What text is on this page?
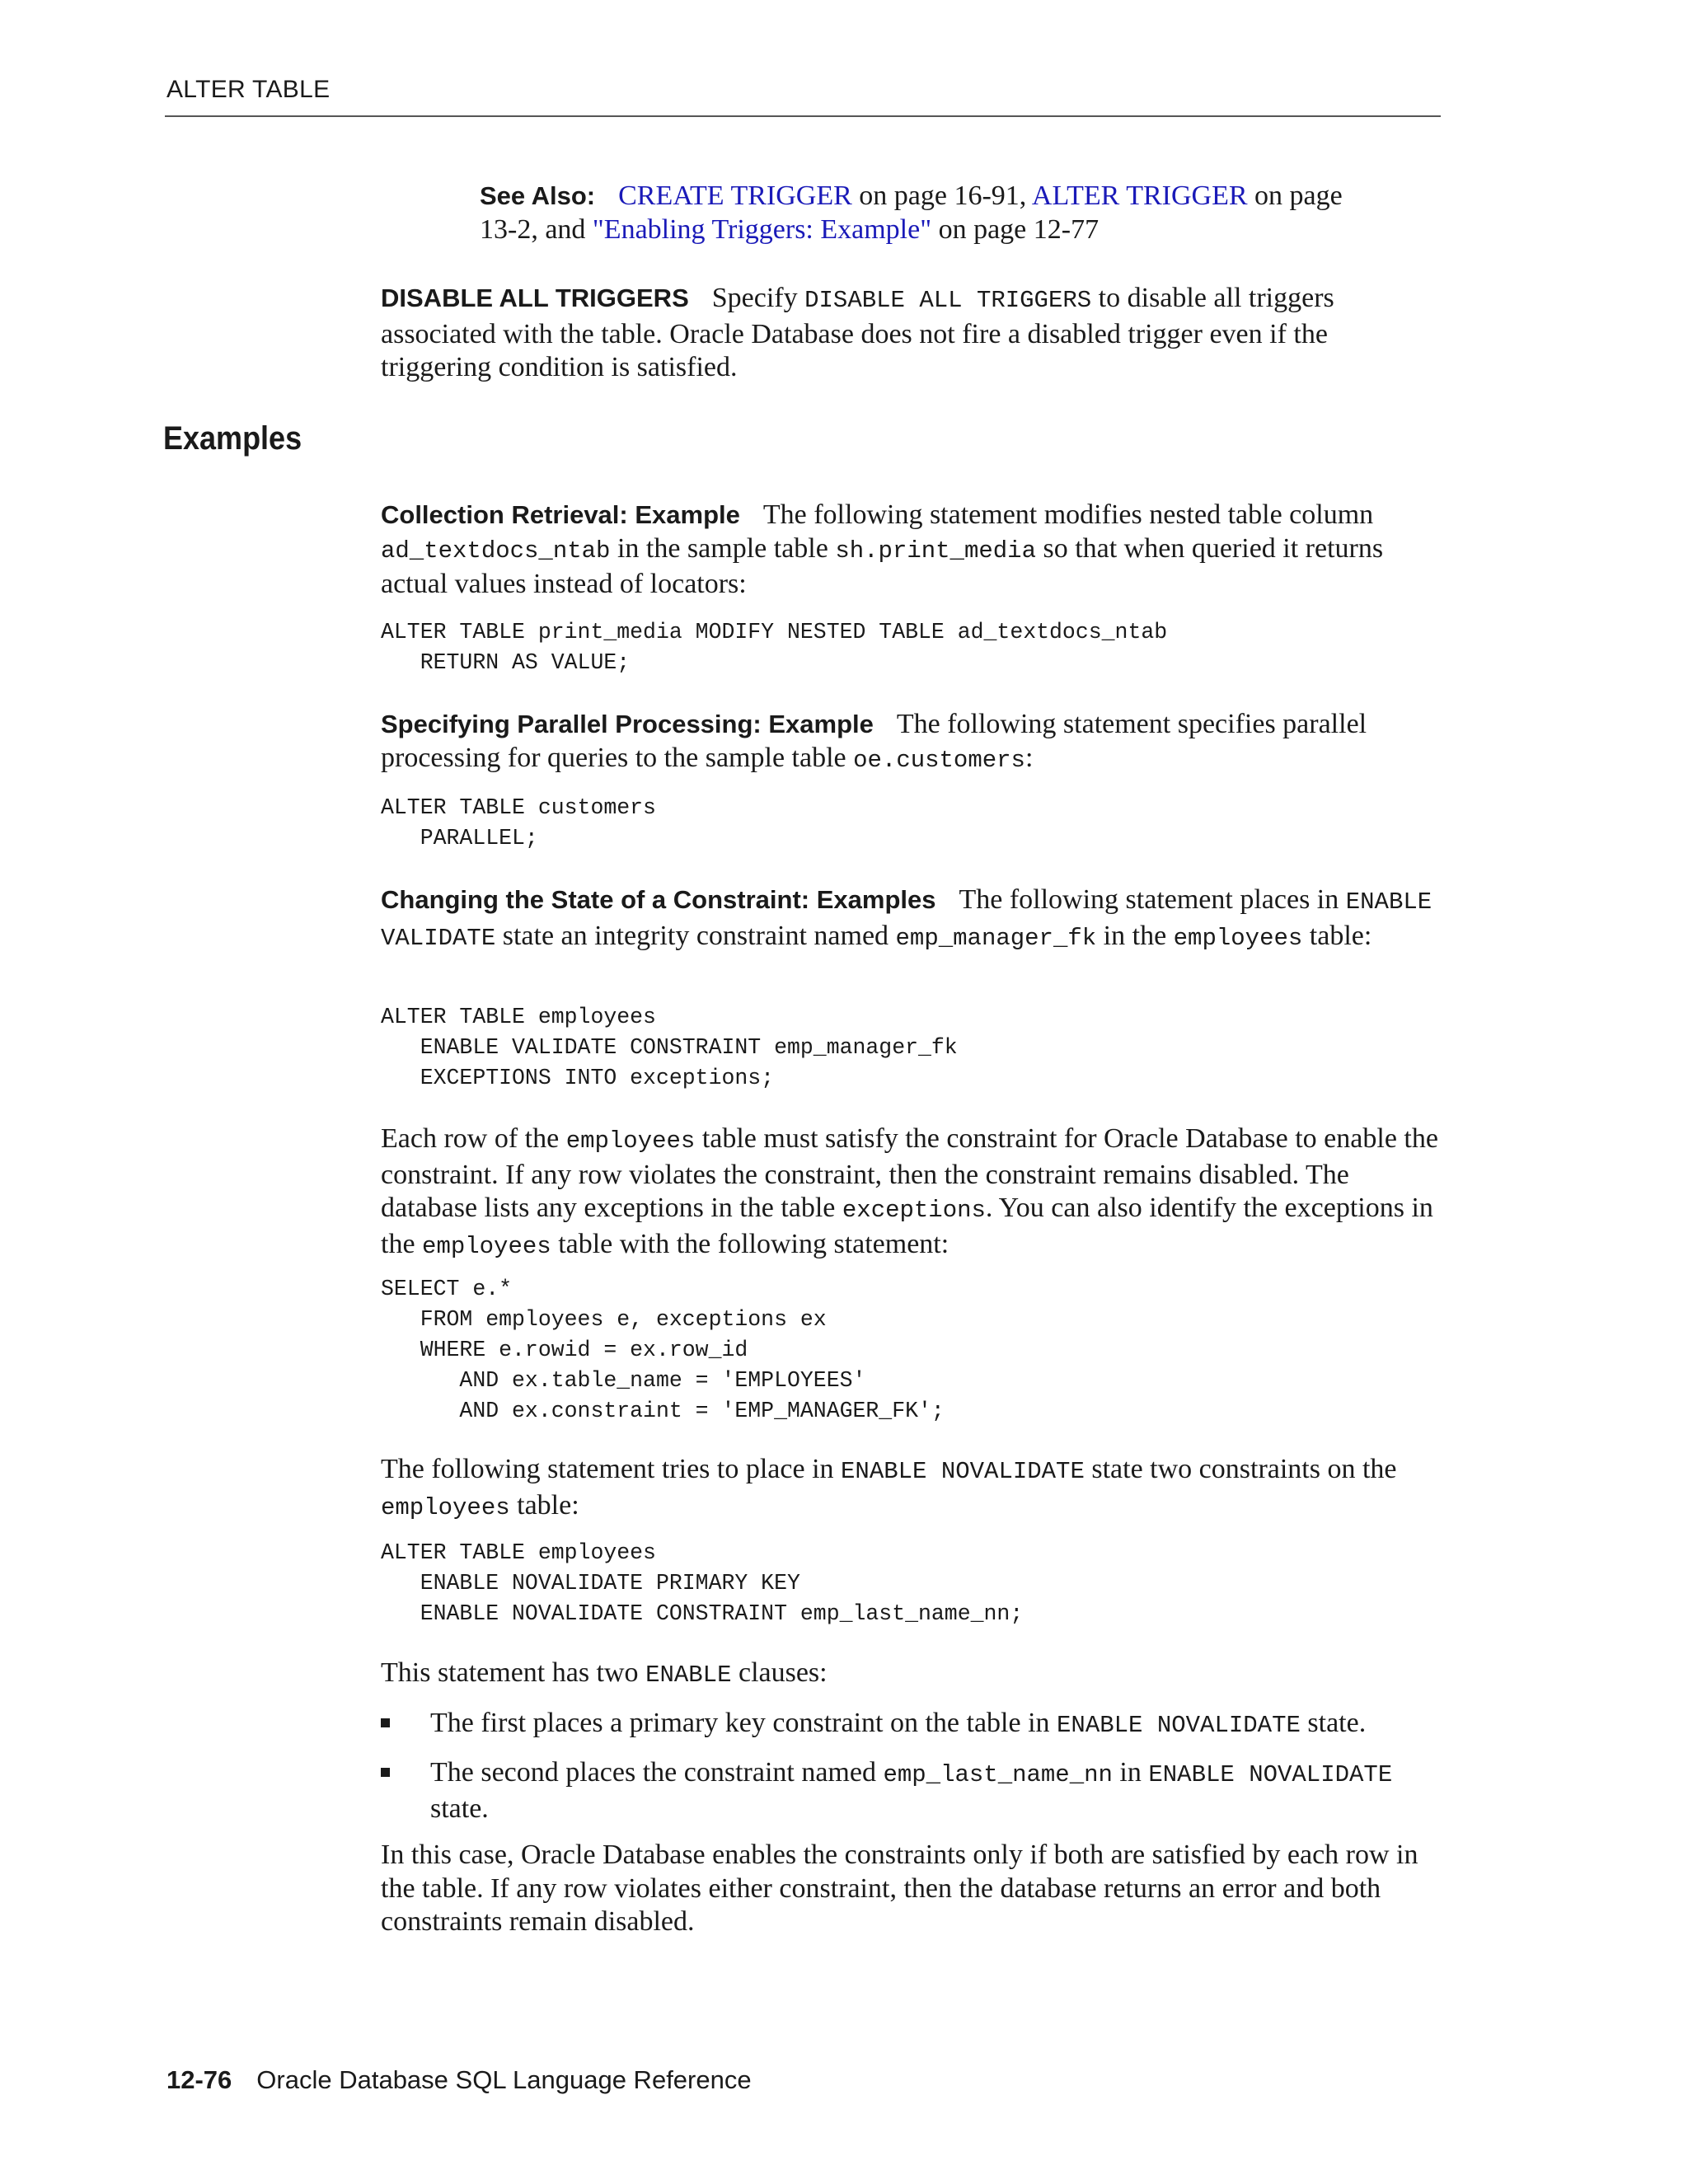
ALTER TABLE

See Also: CREATE TRIGGER on page 16-91, ALTER TRIGGER on page 13-2, and "Enabling Triggers: Example" on page 12-77

DISABLE ALL TRIGGERS Specify DISABLE ALL TRIGGERS to disable all triggers associated with the table. Oracle Database does not fire a disabled trigger even if the triggering condition is satisfied.

Examples

Collection Retrieval: Example The following statement modifies nested table column ad_textdocs_ntab in the sample table sh.print_media so that when queried it returns actual values instead of locators:

ALTER TABLE print_media MODIFY NESTED TABLE ad_textdocs_ntab
RETURN AS VALUE;

Specifying Parallel Processing: Example The following statement specifies parallel processing for queries to the sample table oe.customers:

ALTER TABLE customers
PARALLEL;

Changing the State of a Constraint: Examples The following statement places in ENABLE VALIDATE state an integrity constraint named emp_manager_fk in the employees table:

ALTER TABLE employees
ENABLE VALIDATE CONSTRAINT emp_manager_fk
EXCEPTIONS INTO exceptions;

Each row of the employees table must satisfy the constraint for Oracle Database to enable the constraint. If any row violates the constraint, then the constraint remains disabled. The database lists any exceptions in the table exceptions. You can also identify the exceptions in the employees table with the following statement:

SELECT e.*
FROM employees e, exceptions ex
WHERE e.rowid = ex.row_id
AND ex.table_name = 'EMPLOYEES'
AND ex.constraint = 'EMP_MANAGER_FK';

The following statement tries to place in ENABLE NOVALIDATE state two constraints on the employees table:

ALTER TABLE employees
ENABLE NOVALIDATE PRIMARY KEY
ENABLE NOVALIDATE CONSTRAINT emp_last_name_nn;

This statement has two ENABLE clauses:

The first places a primary key constraint on the table in ENABLE NOVALIDATE state.
The second places the constraint named emp_last_name_nn in ENABLE NOVALIDATE state.

In this case, Oracle Database enables the constraints only if both are satisfied by each row in the table. If any row violates either constraint, then the database returns an error and both constraints remain disabled.

12-76 Oracle Database SQL Language Reference
